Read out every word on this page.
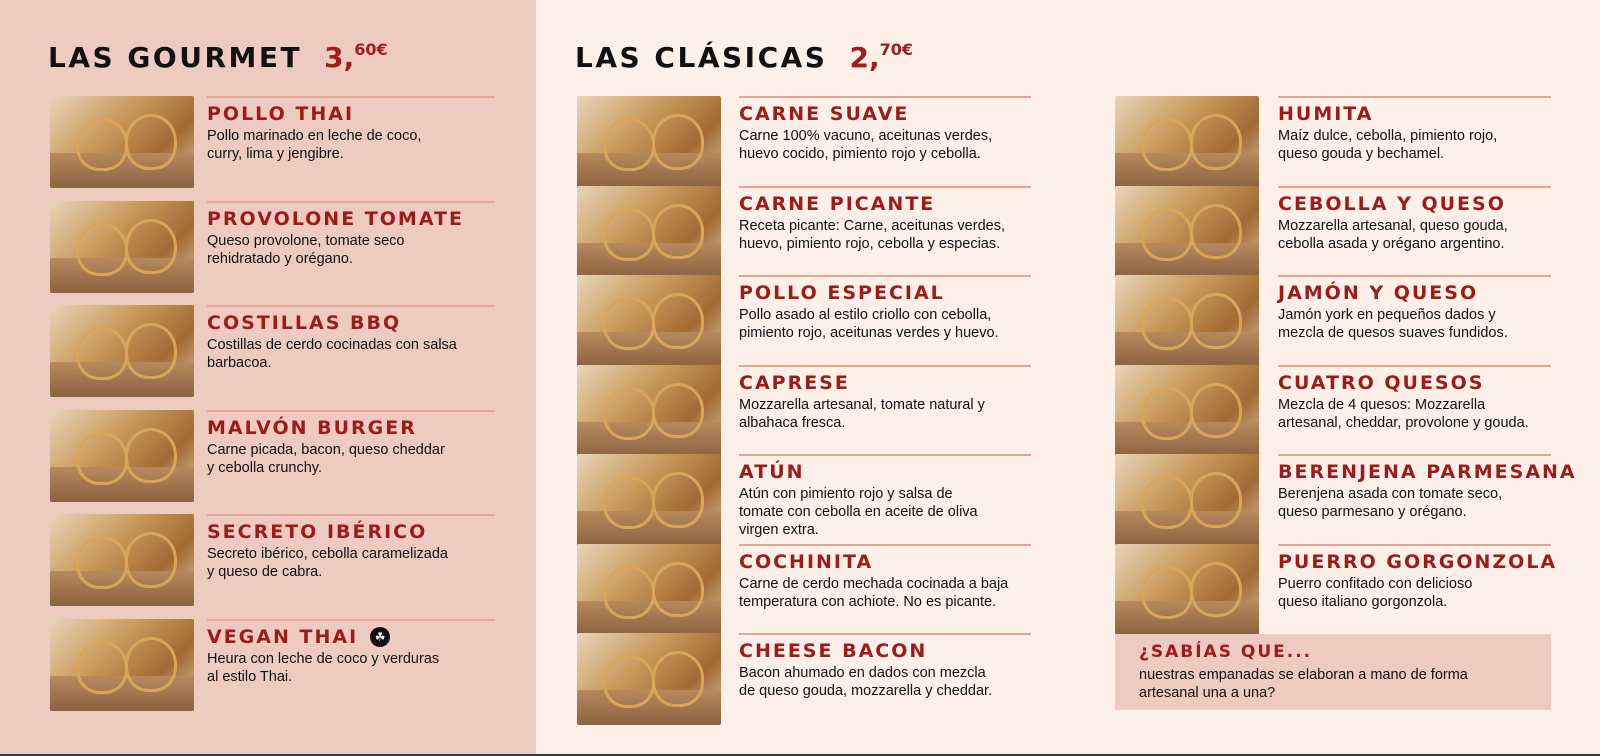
LAS GOURMET 3,$^{60€}$	LAS CLÁSICAS 2,$^{70€}$
POLLO THAI
Pollo marinado en leche de coco,
curry, lima y jengibre.
PROVOLONE TOMATE
Queso provolone, tomate seco
rehidratado y orégano.
COSTILLAS BBQ
Costillas de cerdo cocinadas con salsa
barbacoa.
MALVÓN BURGER
Carne picada, bacon, queso cheddar
y cebolla crunchy.
SECRETO IBÉRICO
Secreto ibérico, cebolla caramelizada
y queso de cabra.
VEGAN THAI	☘
Heura con leche de coco y verduras
al estilo Thai.
CARNE SUAVE
Carne 100% vacuno, aceitunas verdes,
huevo cocido, pimiento rojo y cebolla.
CARNE PICANTE
Receta picante: Carne, aceitunas verdes,
huevo, pimiento rojo, cebolla y especias.
POLLO ESPECIAL
Pollo asado al estilo criollo con cebolla,
pimiento rojo, aceitunas verdes y huevo.
CAPRESE
Mozzarella artesanal, tomate natural y
albahaca fresca.
ATÚN
Atún con pimiento rojo y salsa de
tomate con cebolla en aceite de oliva
virgen extra.
COCHINITA
Carne de cerdo mechada cocinada a baja
temperatura con achiote. No es picante.
CHEESE BACON
Bacon ahumado en dados con mezcla
de queso gouda, mozzarella y cheddar.
HUMITA
Maíz dulce, cebolla, pimiento rojo,
queso gouda y bechamel.
CEBOLLA Y QUESO
Mozzarella artesanal, queso gouda,
cebolla asada y orégano argentino.
JAMÓN Y QUESO
Jamón york en pequeños dados y
mezcla de quesos suaves fundidos.
CUATRO QUESOS
Mezcla de 4 quesos: Mozzarella
artesanal, cheddar, provolone y gouda.
BERENJENA PARMESANA
Berenjena asada con tomate seco,
queso parmesano y orégano.
PUERRO GORGONZOLA
Puerro confitado con delicioso
queso italiano gorgonzola.
¿SABÍAS QUE...
nuestras empanadas se elaboran a mano de forma
artesanal una a una?
